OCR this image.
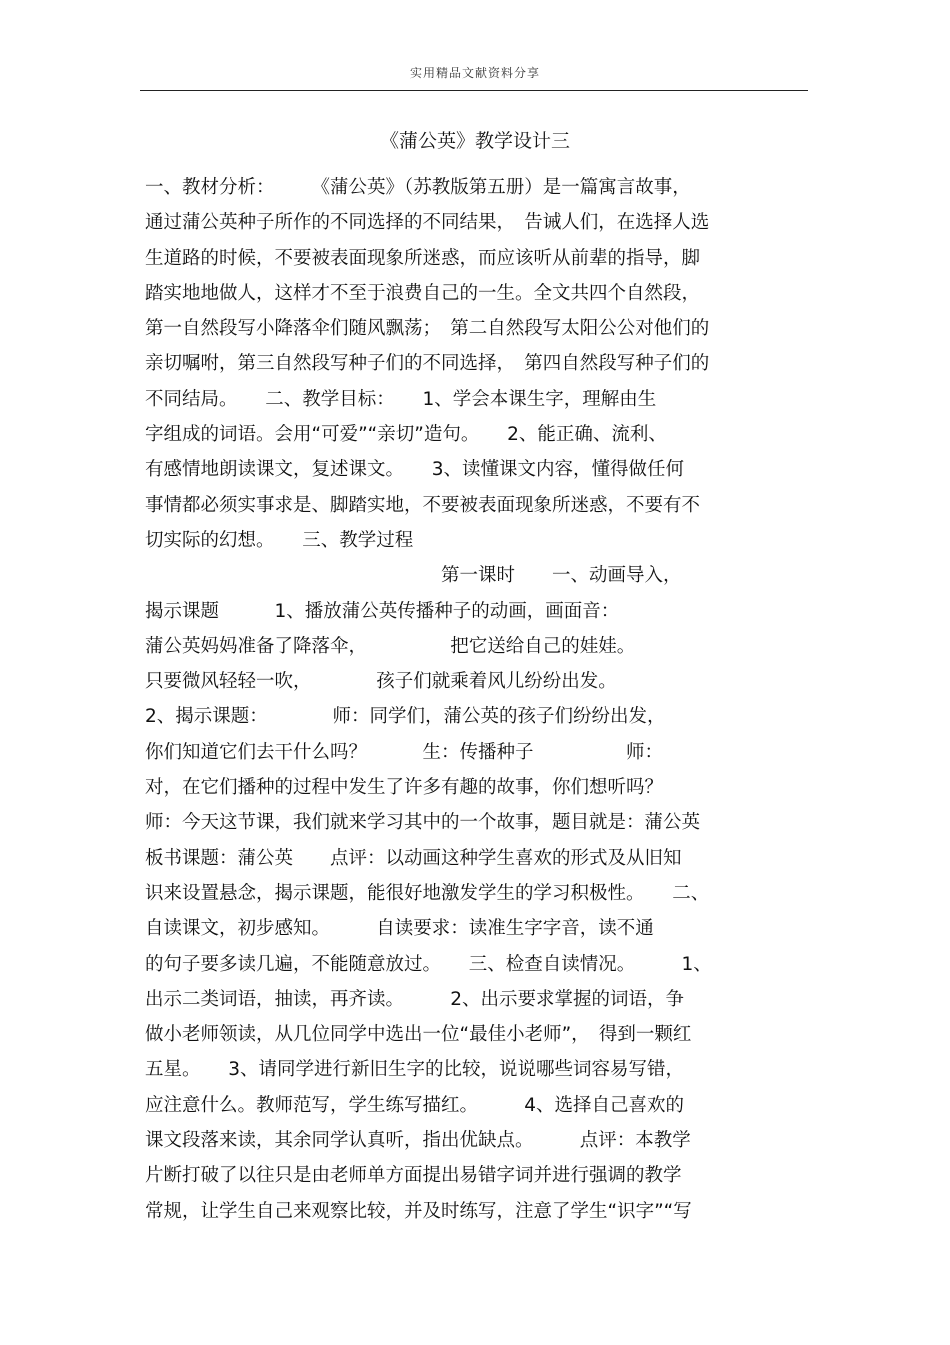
实用精品文献资料分享
《蒲公英》教学设计三
一、教材分析：　　　《蒲公英》（苏教版第五册）是一篇寓言故事，
通过蒲公英种子所作的不同选择的不同结果，　告诫人们，在选择人选
生道路的时候，不要被表面现象所迷惑，而应该听从前辈的指导，脚
踏实地地做人，这样才不至于浪费自己的一生。全文共四个自然段，
第一自然段写小降落伞们随风飘荡；　第二自然段写太阳公公对他们的
亲切嘱咐，第三自然段写种子们的不同选择，　第四自然段写种子们的
不同结局。　　二、教学目标：　　1、学会本课生字，理解由生
字组成的词语。会用“可爱”“亲切”造句。　　2、能正确、流利、
有感情地朗读课文，复述课文。　　3、读懂课文内容，懂得做任何
事情都必须实事求是、脚踏实地，不要被表面现象所迷惑，不要有不
切实际的幻想。　　三、教学过程
　　　　　　　　　　　　　　　　第一课时　　一、动画导入，
揭示课题　　　1、播放蒲公英传播种子的动画，画面音：
蒲公英妈妈准备了降落伞，　　　　　把它送给自己的娃娃。
只要微风轻轻一吹，　　　　孩子们就乘着风儿纷纷出发。
2、揭示课题：　　　　师：同学们，蒲公英的孩子们纷纷出发，
你们知道它们去干什么吗？　　　生：传播种子　　　　　师：
对，在它们播种的过程中发生了许多有趣的故事，你们想听吗？
师：今天这节课，我们就来学习其中的一个故事，题目就是：蒲公英
板书课题：蒲公英　　点评：以动画这种学生喜欢的形式及从旧知
识来设置悬念，揭示课题，能很好地激发学生的学习积极性。　　二、
自读课文，初步感知。　　　自读要求：读准生字字音，读不通
的句子要多读几遍，不能随意放过。　　三、检查自读情况。　　　1、
出示二类词语，抽读，再齐读。　　　2、出示要求掌握的词语，争
做小老师领读，从几位同学中选出一位“最佳小老师”，　得到一颗红
五星。　　3、请同学进行新旧生字的比较，说说哪些词容易写错，
应注意什么。教师范写，学生练写描红。　　　4、选择自己喜欢的
课文段落来读，其余同学认真听，指出优缺点。　　　点评：本教学
片断打破了以往只是由老师单方面提出易错字词并进行强调的教学
常规，让学生自己来观察比较，并及时练写，注意了学生“识字”“写
